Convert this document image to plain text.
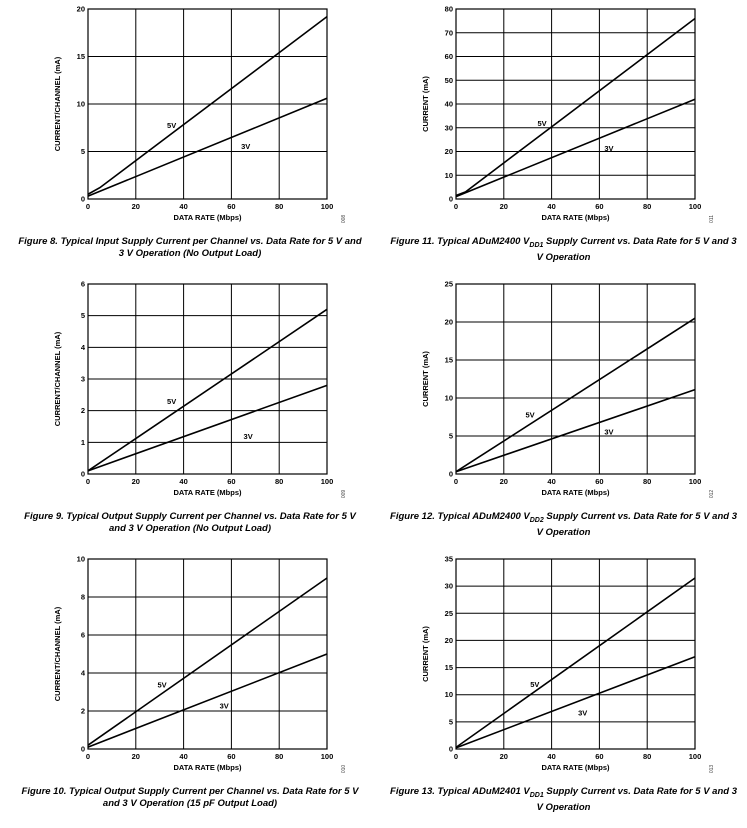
0	20	40	60	80	100
0
5
10
15
20
DATA RATE (Mbps)
CURRENT/CHANNEL (mA)
008
5V
3V
Figure 8. Typical Input Supply Current per Channel vs. Data Rate for 5 V and
3 V Operation (No Output Load)
0	20	40	60	80	100
0
10
20
30
40
50
60
70
80
DATA RATE (Mbps)
CURRENT (mA)
011
5V
3V
Figure 11. Typical ADuM2400 $V_{DD1}$ Supply Current vs. Data Rate for 5 V and 3
V Operation
0	20	40	60	80	100
0
1
2
3
4
5
6
DATA RATE (Mbps)
CURRENT/CHANNEL (mA)
009
5V
3V
Figure 9. Typical Output Supply Current per Channel vs. Data Rate for 5 V
and 3 V Operation (No Output Load)
0	20	40	60	80	100
0
5
10
15
20
25
DATA RATE (Mbps)
CURRENT (mA)
012
5V
3V
Figure 12. Typical ADuM2400 $V_{DD2}$ Supply Current vs. Data Rate for 5 V and 3
V Operation
0	20	40	60	80	100
0
2
4
6
8
10
DATA RATE (Mbps)
CURRENT/CHANNEL (mA)
010
5V
3V
Figure 10. Typical Output Supply Current per Channel vs. Data Rate for 5 V
and 3 V Operation (15 pF Output Load)
0	20	40	60	80	100
0
5
10
15
20
25
30
35
DATA RATE (Mbps)
CURRENT (mA)
013
5V
3V
Figure 13. Typical ADuM2401 $V_{DD1}$ Supply Current vs. Data Rate for 5 V and 3
V Operation
